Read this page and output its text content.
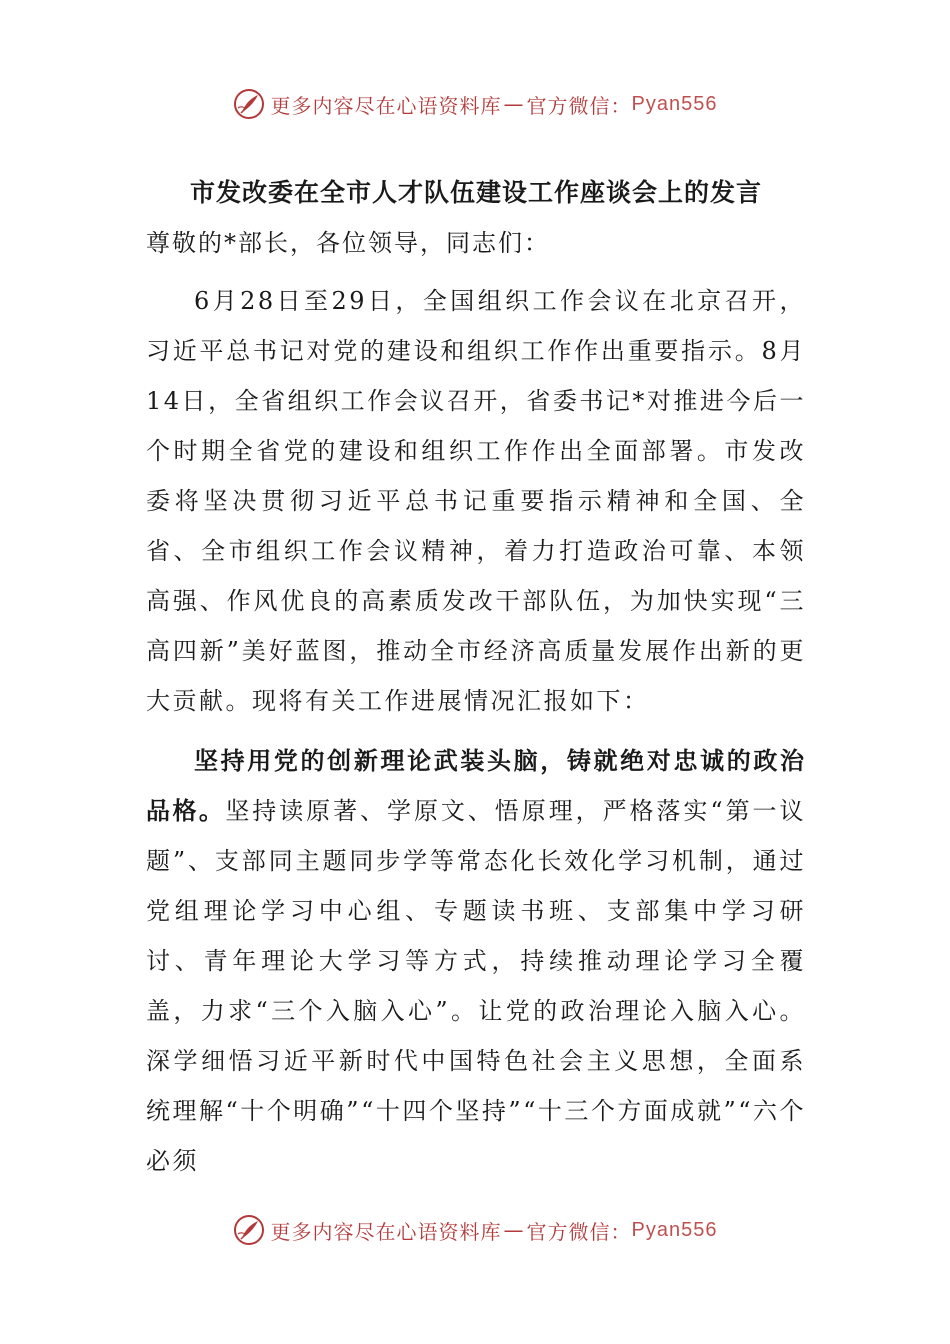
更多内容尽在心语资料库 — 官方微信： Pyan556
市发改委在全市人才队伍建设工作座谈会上的发言

尊敬的*部长，各位领导，同志们：

6月28日至29日，全国组织工作会议在北京召开，习近平总书记对党的建设和组织工作作出重要指示。8月14日，全省组织工作会议召开，省委书记*对推进今后一个时期全省党的建设和组织工作作出全面部署。市发改委将坚决贯彻习近平总书记重要指示精神和全国、全省、全市组织工作会议精神，着力打造政治可靠、本领高强、作风优良的高素质发改干部队伍，为加快实现“三高四新”美好蓝图，推动全市经济高质量发展作出新的更大贡献。现将有关工作进展情况汇报如下：

坚持用党的创新理论武装头脑，铸就绝对忠诚的政治品格。坚持读原著、学原文、悟原理，严格落实“第一议题”、支部同主题同步学等常态化长效化学习机制，通过党组理论学习中心组、专题读书班、支部集中学习研讨、青年理论大学习等方式，持续推动理论学习全覆盖，力求“三个入脑入心”。让党的政治理论入脑入心。深学细悟习近平新时代中国特色社会主义思想，全面系统理解“十个明确”“十四个坚持”“十三个方面成就”“六个必须

更多内容尽在心语资料库 — 官方微信： Pyan556
